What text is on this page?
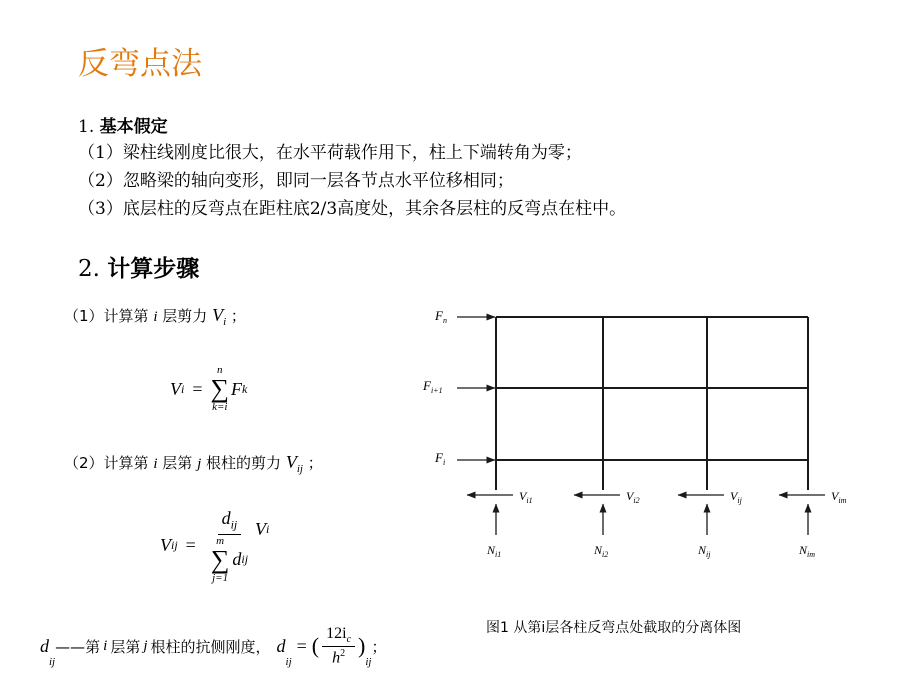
反弯点法
1. 基本假定
（1）梁柱线刚度比很大，在水平荷载作用下，柱上下端转角为零；
（2）忽略梁的轴向变形，即同一层各节点水平位移相同；
（3）底层柱的反弯点在距柱底2/3高度处，其余各层柱的反弯点在柱中。
2. 计算步骤
（1）计算第 i 层剪力 $V_i$ ；
V i =
n
∑
k=i
F k
（2）计算第 i 层第 j 根柱的剪力 $V_{ij}$ ；
V ij = $d_{ij}$
m
∑
j=1
d ij V i
d
$_{ij}$
——第 i 层第 j 根柱的抗侧刚度， d
$_{ij}$
= ( $\frac{12i_c}{h^2}$ )
$_{ij}$
；
$F_n$
$F_{i+1}$
$F_i$
$V_{i1}$	$V_{i2}$	$V_{ij}$	$V_{im}$
$N_{i1}$	$N_{i2}$	$N_{ij}$	$N_{im}$
图1 从第i层各柱反弯点处截取的分离体图
